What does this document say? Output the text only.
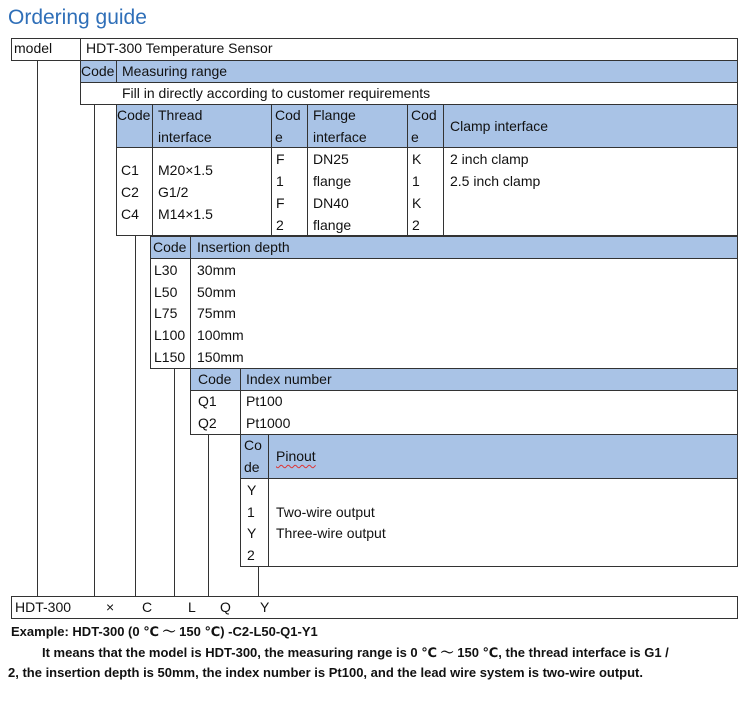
Ordering guide
model HDT-300 Temperature Sensor
Code Measuring range
Fill in directly according to customer requirements
Code Thread
interface
Cod
e
Flange
interface
Cod
e
Clamp interface
C1
C2
C4
M20×1.5
G1/2
M14×1.5
F
1
F
2
DN25
flange
DN40
flange
K
1
K
2
2 inch clamp
2.5 inch clamp
Code Insertion depth
L30
L50
L75
L100
L150
30mm
50mm
75mm
100mm
150mm
Code Index number
Q1
Q2
Pt100
Pt1000
Co
de
Pinout
Y
1
Y
2
Two-wire output
Three-wire output
HDT-300 × C	L Q Y
Example: HDT-300 (0 ℃ ～ 150 ℃) -C2-L50-Q1-Y1
It means that the model is HDT-300, the measuring range is 0 ℃ ～ 150 ℃, the thread interface is G1 /
2, the insertion depth is 50mm, the index number is Pt100, and the lead wire system is two-wire output.
